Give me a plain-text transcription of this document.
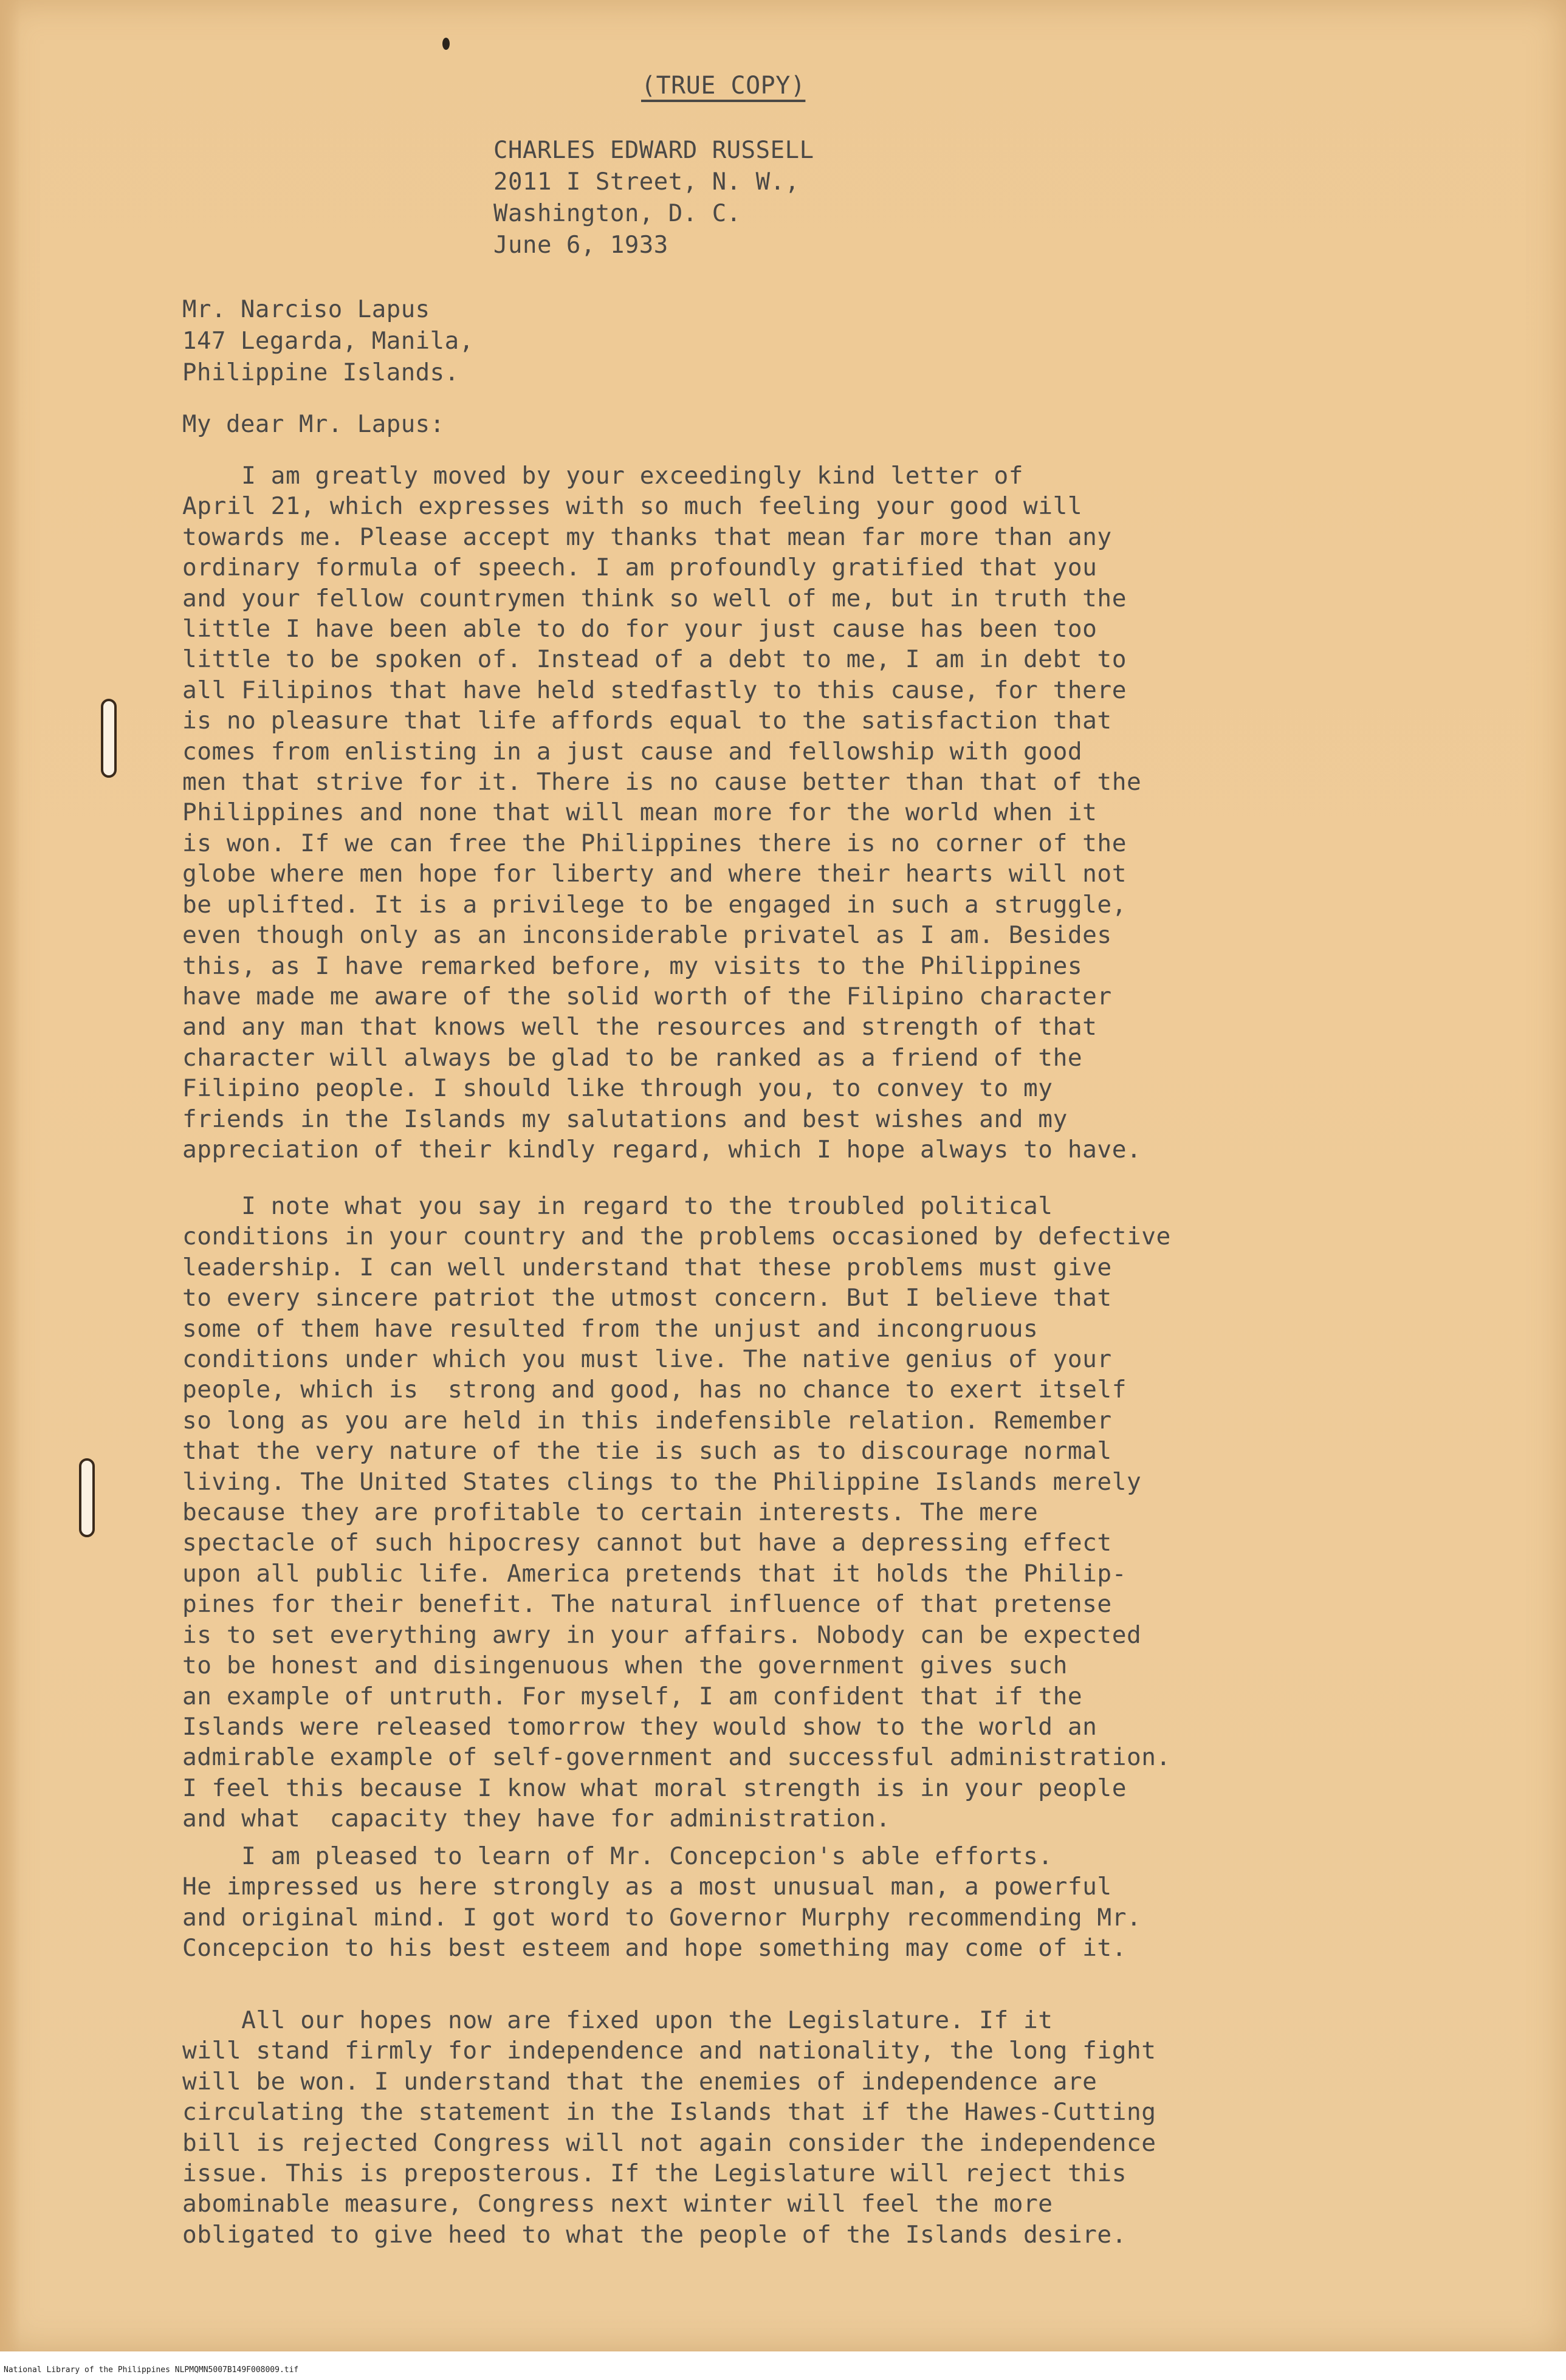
(TRUE COPY)
CHARLES EDWARD RUSSELL
2011 I Street, N. W.,
Washington, D. C.
June 6, 1933
Mr. Narciso Lapus
147 Legarda, Manila,
Philippine Islands.
My dear Mr. Lapus:
I am greatly moved by your exceedingly kind letter of
April 21, which expresses with so much feeling your good will
towards me. Please accept my thanks that mean far more than any
ordinary formula of speech. I am profoundly gratified that you
and your fellow countrymen think so well of me, but in truth the
little I have been able to do for your just cause has been too
little to be spoken of. Instead of a debt to me, I am in debt to
all Filipinos that have held stedfastly to this cause, for there
is no pleasure that life affords equal to the satisfaction that
comes from enlisting in a just cause and fellowship with good
men that strive for it. There is no cause better than that of the
Philippines and none that will mean more for the world when it
is won. If we can free the Philippines there is no corner of the
globe where men hope for liberty and where their hearts will not
be uplifted. It is a privilege to be engaged in such a struggle,
even though only as an inconsiderable privatel as I am. Besides
this, as I have remarked before, my visits to the Philippines
have made me aware of the solid worth of the Filipino character
and any man that knows well the resources and strength of that
character will always be glad to be ranked as a friend of the
Filipino people. I should like through you, to convey to my
friends in the Islands my salutations and best wishes and my
appreciation of their kindly regard, which I hope always to have.
I note what you say in regard to the troubled political
conditions in your country and the problems occasioned by defective
leadership. I can well understand that these problems must give
to every sincere patriot the utmost concern. But I believe that
some of them have resulted from the unjust and incongruous
conditions under which you must live. The native genius of your
people, which is  strong and good, has no chance to exert itself
so long as you are held in this indefensible relation. Remember
that the very nature of the tie is such as to discourage normal
living. The United States clings to the Philippine Islands merely
because they are profitable to certain interests. The mere
spectacle of such hipocresy cannot but have a depressing effect
upon all public life. America pretends that it holds the Philip-
pines for their benefit. The natural influence of that pretense
is to set everything awry in your affairs. Nobody can be expected
to be honest and disingenuous when the government gives such
an example of untruth. For myself, I am confident that if the
Islands were released tomorrow they would show to the world an
admirable example of self-government and successful administration.
I feel this because I know what moral strength is in your people
and what  capacity they have for administration.
I am pleased to learn of Mr. Concepcion's able efforts.
He impressed us here strongly as a most unusual man, a powerful
and original mind. I got word to Governor Murphy recommending Mr.
Concepcion to his best esteem and hope something may come of it.
All our hopes now are fixed upon the Legislature. If it
will stand firmly for independence and nationality, the long fight
will be won. I understand that the enemies of independence are
circulating the statement in the Islands that if the Hawes-Cutting
bill is rejected Congress will not again consider the independence
issue. This is preposterous. If the Legislature will reject this
abominable measure, Congress next winter will feel the more
obligated to give heed to what the people of the Islands desire.
National Library of the Philippines NLPMQMN5007B149F008009.tif
